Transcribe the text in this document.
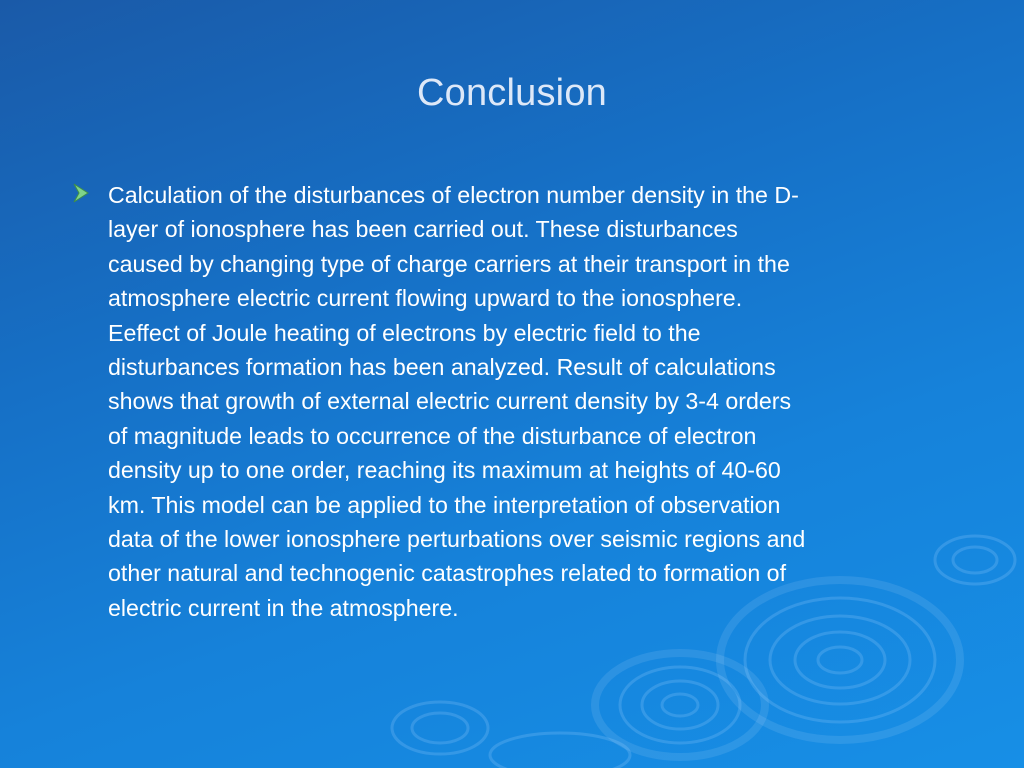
Conclusion
Calculation of the disturbances of electron number density in the D-
layer of ionosphere has been carried out. These disturbances
caused by changing type of charge carriers at their transport in the
atmosphere electric current flowing upward to the ionosphere.
Eeffect of Joule heating of electrons by electric field to the
disturbances formation has been analyzed. Result of calculations
shows that growth of external electric current density by 3-4 orders
of magnitude leads to occurrence of the disturbance of electron
density up to one order, reaching its maximum at heights of 40-60
km. This model can be applied to the interpretation of observation
data of the lower ionosphere perturbations over seismic regions and
other natural and technogenic catastrophes related to formation of
electric current in the atmosphere.
